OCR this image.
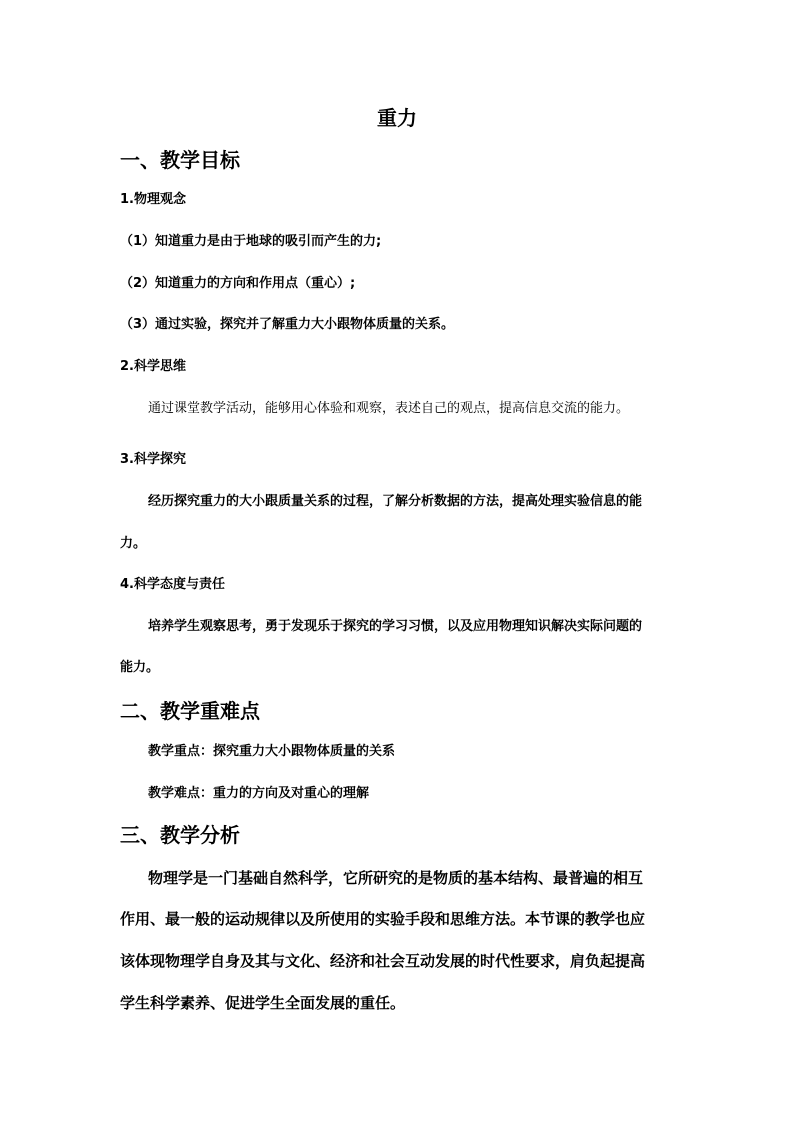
重力
一、教学目标
1.物理观念
（1）知道重力是由于地球的吸引而产生的力;
（2）知道重力的方向和作用点（重心）;
（3）通过实验，探究并了解重力大小跟物体质量的关系。
2.科学思维
通过课堂教学活动，能够用心体验和观察，表述自己的观点，提高信息交流的能力。
3.科学探究
经历探究重力的大小跟质量关系的过程，了解分析数据的方法，提高处理实验信息的能
力。
4.科学态度与责任
培养学生观察思考，勇于发现乐于探究的学习习惯，以及应用物理知识解决实际问题的
能力。
二、教学重难点
教学重点：探究重力大小跟物体质量的关系
教学难点：重力的方向及对重心的理解
三、教学分析
物理学是一门基础自然科学，它所研究的是物质的基本结构、最普遍的相互
作用、最一般的运动规律以及所使用的实验手段和思维方法。本节课的教学也应
该体现物理学自身及其与文化、经济和社会互动发展的时代性要求，肩负起提高
学生科学素养、促进学生全面发展的重任。
